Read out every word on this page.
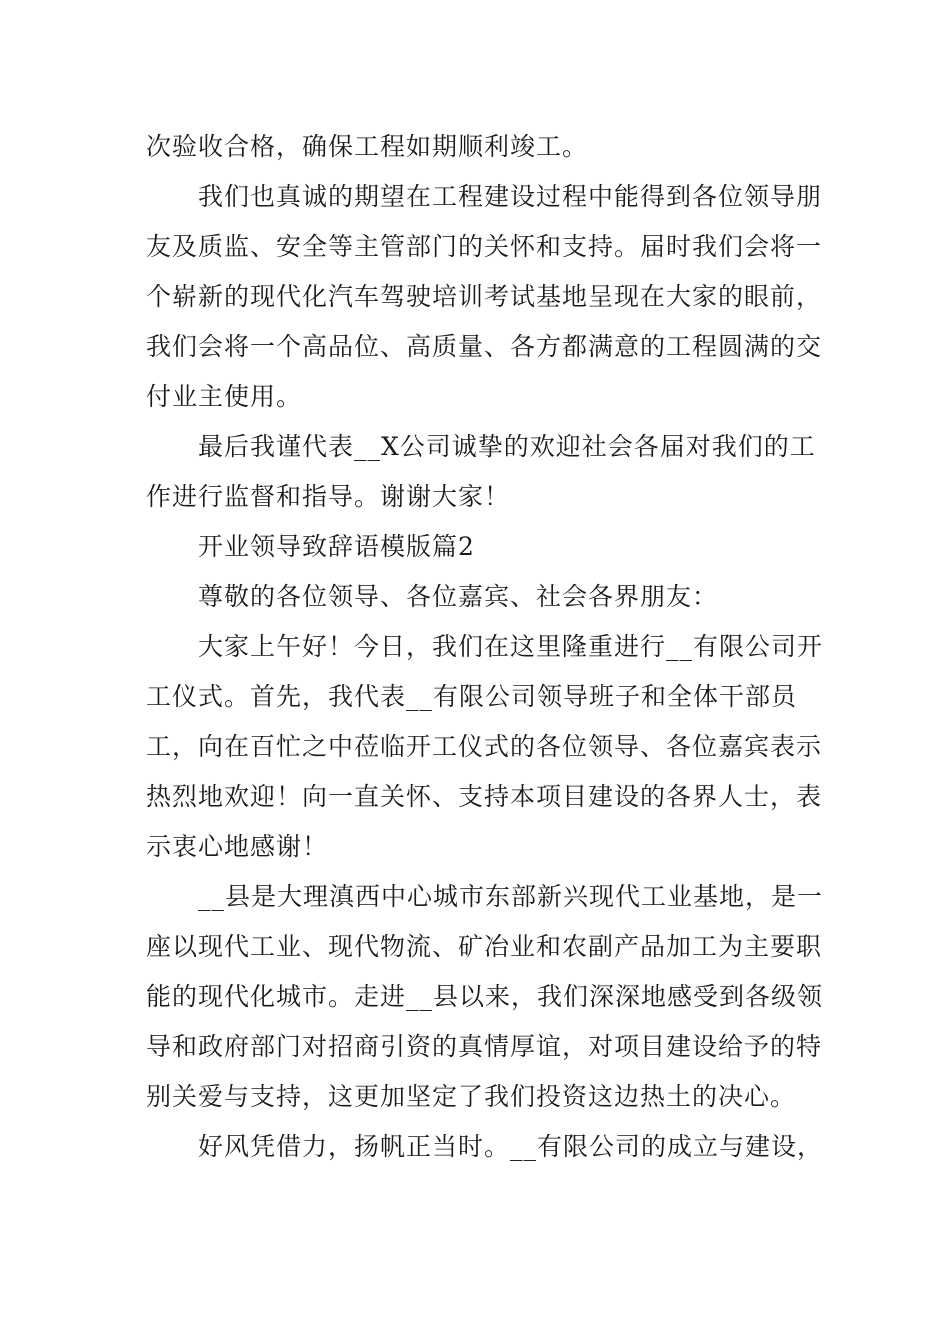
次验收合格，确保工程如期顺利竣工。

我们也真诚的期望在工程建设过程中能得到各位领导朋友及质监、安全等主管部门的关怀和支持。届时我们会将一个崭新的现代化汽车驾驶培训考试基地呈现在大家的眼前，我们会将一个高品位、高质量、各方都满意的工程圆满的交付业主使用。

最后我谨代表__X公司诚挚的欢迎社会各届对我们的工作进行监督和指导。谢谢大家！

开业领导致辞语模版篇2

尊敬的各位领导、各位嘉宾、社会各界朋友：

大家上午好！今日，我们在这里隆重进行__有限公司开工仪式。首先，我代表__有限公司领导班子和全体干部员工，向在百忙之中莅临开工仪式的各位领导、各位嘉宾表示热烈地欢迎！向一直关怀、支持本项目建设的各界人士，表示衷心地感谢！

__县是大理滇西中心城市东部新兴现代工业基地，是一座以现代工业、现代物流、矿冶业和农副产品加工为主要职能的现代化城市。走进__县以来，我们深深地感受到各级领导和政府部门对招商引资的真情厚谊，对项目建设给予的特别关爱与支持，这更加坚定了我们投资这边热土的决心。

好风凭借力，扬帆正当时。__有限公司的成立与建设，
